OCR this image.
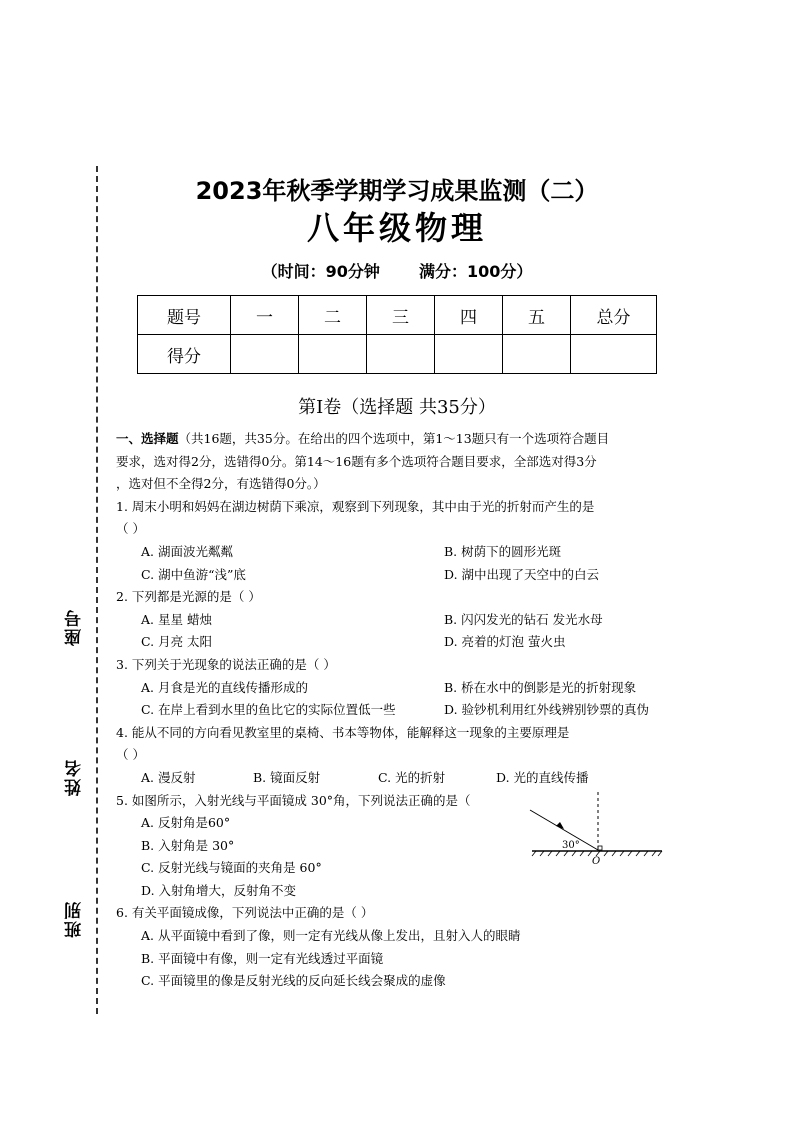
座号
姓名
班别
2023年秋季学期学习成果监测（二）
八年级物理
（时间：90分钟 满分：100分）
题号	一	二	三	四	五	总分
得分						
第Ⅰ卷（选择题 共35分）
一、选择题（共16题，共35分。在给出的四个选项中，第1～13题只有一个选项符合题目
要求，选对得2分，选错得0分。第14～16题有多个选项符合题目要求，全部选对得3分
，选对但不全得2分，有选错得0分。）
1. 周末小明和妈妈在湖边树荫下乘凉，观察到下列现象，其中由于光的折射而产生的是
（ ）
A. 湖面波光粼粼	B. 树荫下的圆形光斑
C. 湖中鱼游“浅”底	D. 湖中出现了天空中的白云
2. 下列都是光源的是（ ）
A. 星星 蜡烛	B. 闪闪发光的钻石 发光水母
C. 月亮 太阳	D. 亮着的灯泡 萤火虫
3. 下列关于光现象的说法正确的是（ ）
A. 月食是光的直线传播形成的	B. 桥在水中的倒影是光的折射现象
C. 在岸上看到水里的鱼比它的实际位置低一些	D. 验钞机利用红外线辨别钞票的真伪
4. 能从不同的方向看见教室里的桌椅、书本等物体，能解释这一现象的主要原理是
（ ）
A. 漫反射	B. 镜面反射	C. 光的折射	D. 光的直线传播
5. 如图所示，入射光线与平面镜成 30°角，下列说法正确的是（
A. 反射角是60°
B. 入射角是 30°
C. 反射光线与镜面的夹角是 60°
D. 入射角增大，反射角不变
6. 有关平面镜成像，下列说法中正确的是（ ）
A. 从平面镜中看到了像，则一定有光线从像上发出，且射入人的眼睛
B. 平面镜中有像，则一定有光线透过平面镜
C. 平面镜里的像是反射光线的反向延长线会聚成的虚像
30°
O
